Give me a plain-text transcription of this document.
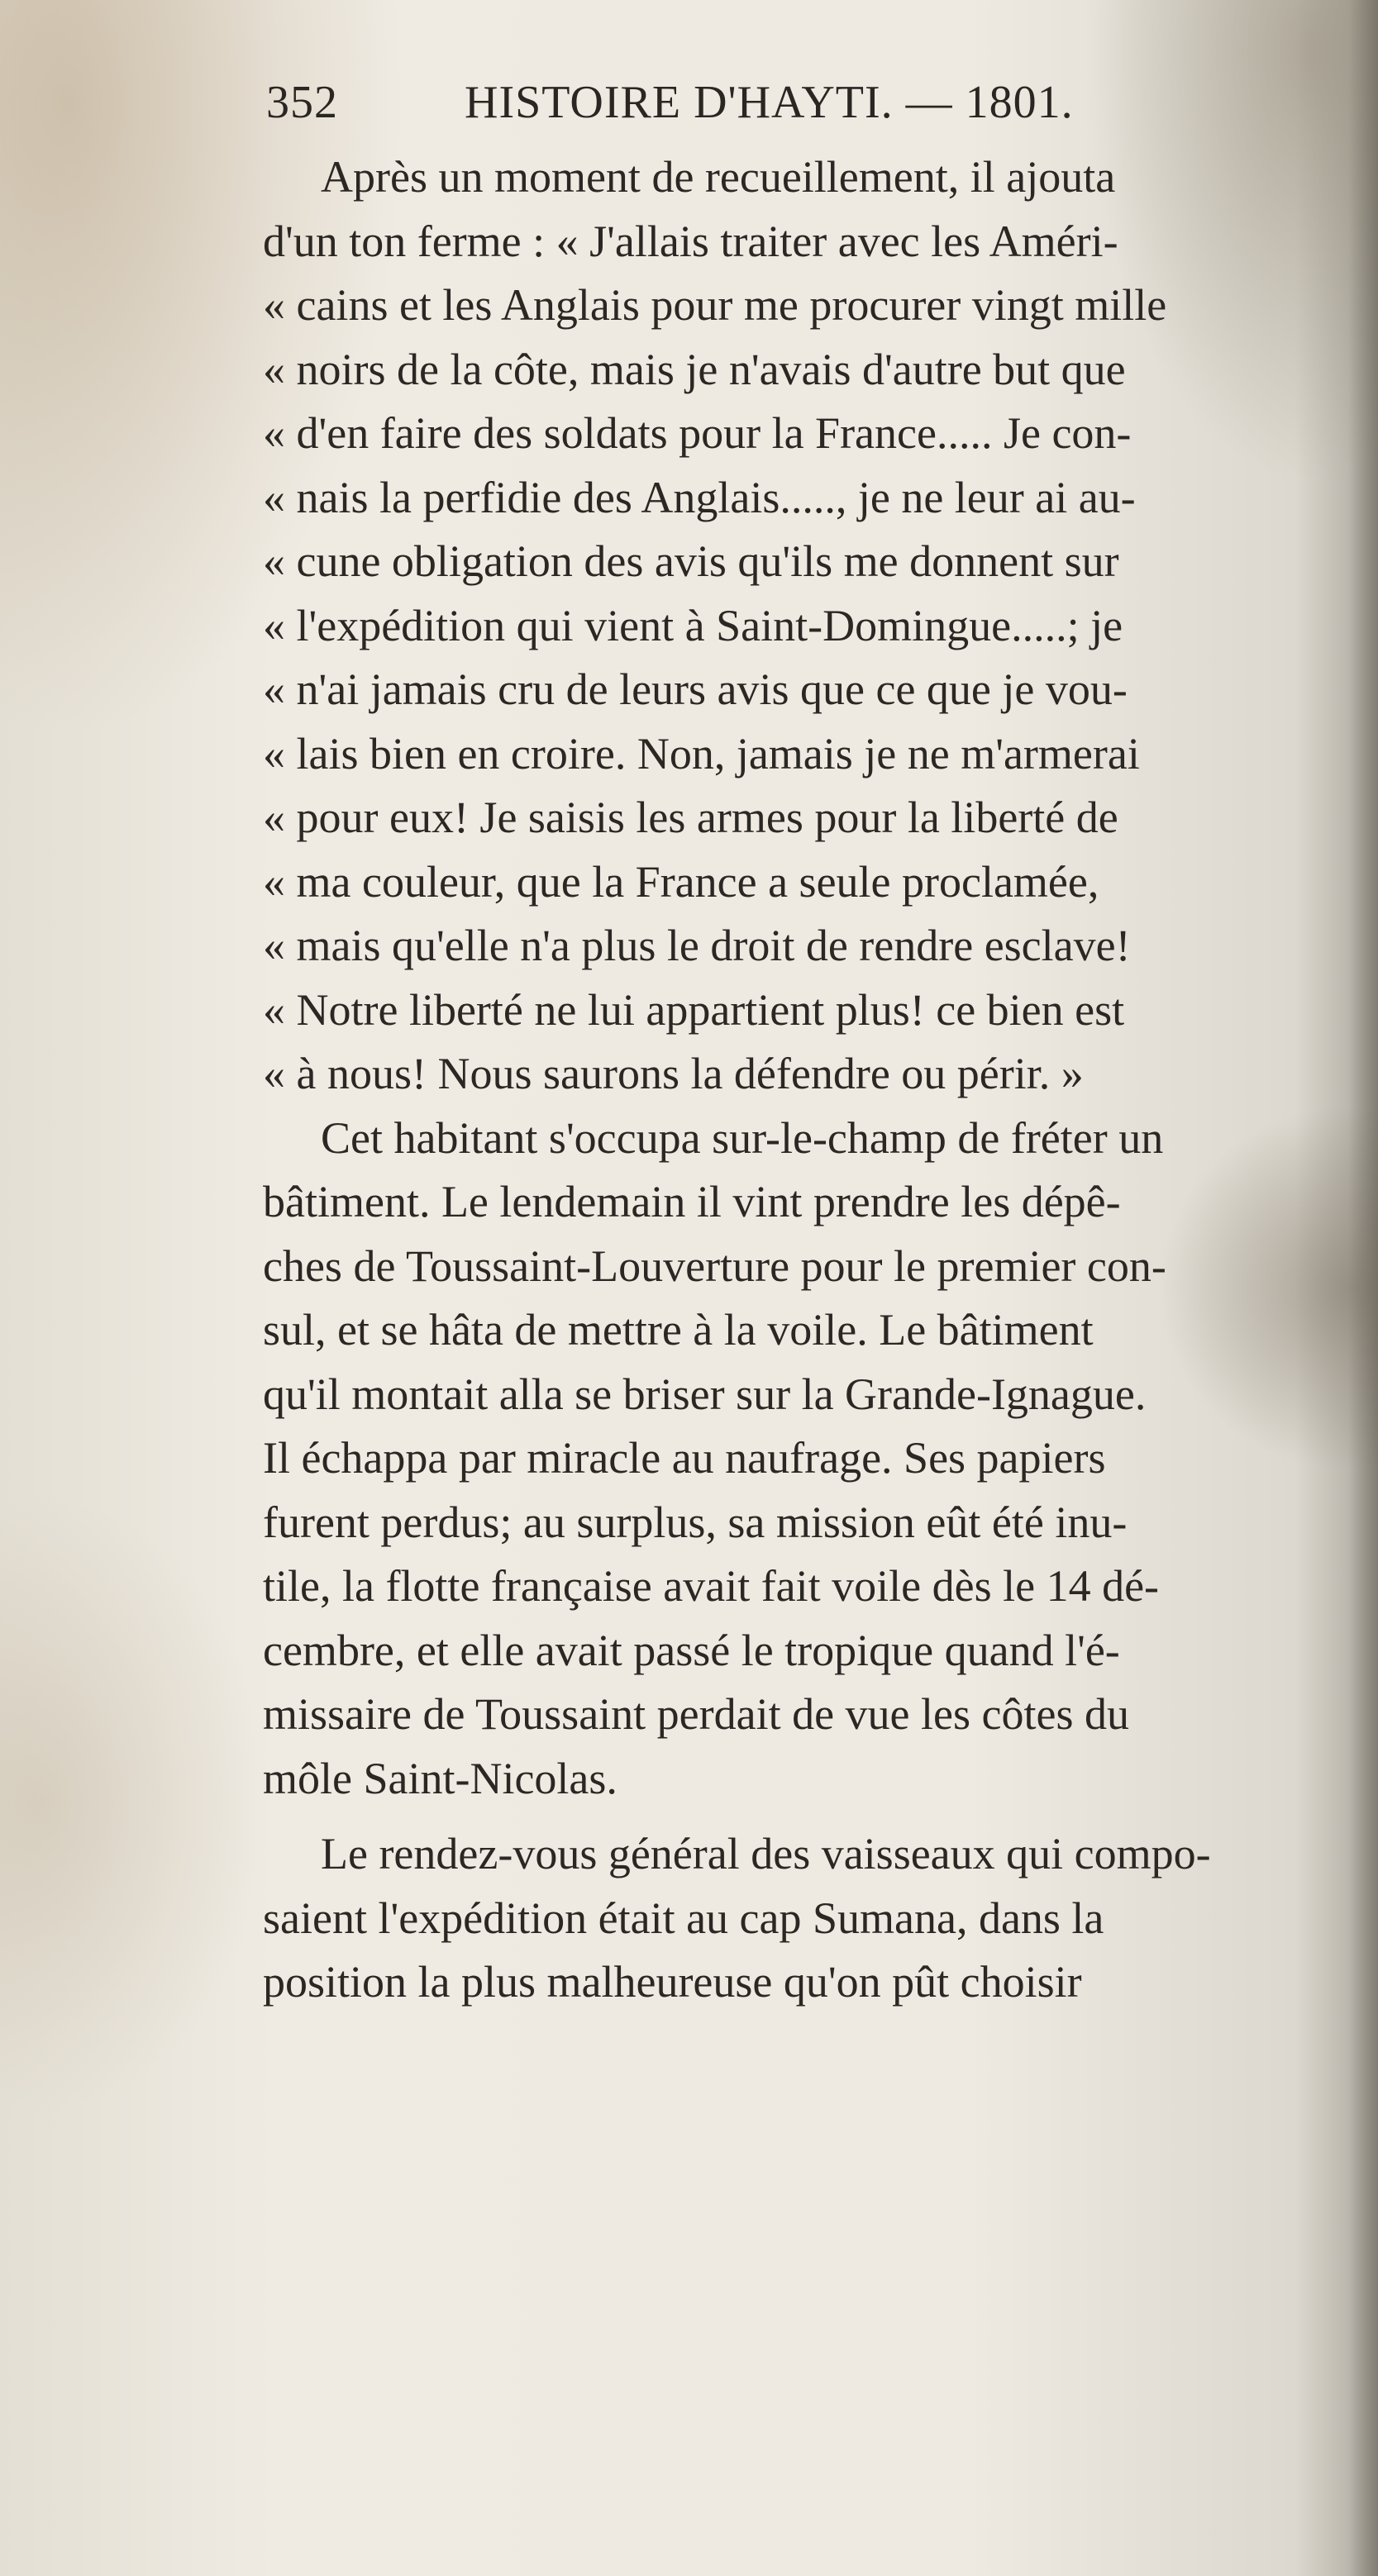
352	HISTOIRE D'HAYTI. — 1801.
Après un moment de recueillement, il ajouta
d'un ton ferme : « J'allais traiter avec les Améri-
« cains et les Anglais pour me procurer vingt mille
« noirs de la côte, mais je n'avais d'autre but que
« d'en faire des soldats pour la France..... Je con-
« nais la perfidie des Anglais....., je ne leur ai au-
« cune obligation des avis qu'ils me donnent sur
« l'expédition qui vient à Saint-Domingue.....; je
« n'ai jamais cru de leurs avis que ce que je vou-
« lais bien en croire. Non, jamais je ne m'armerai
« pour eux! Je saisis les armes pour la liberté de
« ma couleur, que la France a seule proclamée,
« mais qu'elle n'a plus le droit de rendre esclave!
« Notre liberté ne lui appartient plus! ce bien est
« à nous! Nous saurons la défendre ou périr. »
Cet habitant s'occupa sur-le-champ de fréter un
bâtiment. Le lendemain il vint prendre les dépê-
ches de Toussaint-Louverture pour le premier con-
sul, et se hâta de mettre à la voile. Le bâtiment
qu'il montait alla se briser sur la Grande-Ignague.
Il échappa par miracle au naufrage. Ses papiers
furent perdus; au surplus, sa mission eût été inu-
tile, la flotte française avait fait voile dès le 14 dé-
cembre, et elle avait passé le tropique quand l'é-
missaire de Toussaint perdait de vue les côtes du
môle Saint-Nicolas.
Le rendez-vous général des vaisseaux qui compo-
saient l'expédition était au cap Sumana, dans la
position la plus malheureuse qu'on pût choisir
